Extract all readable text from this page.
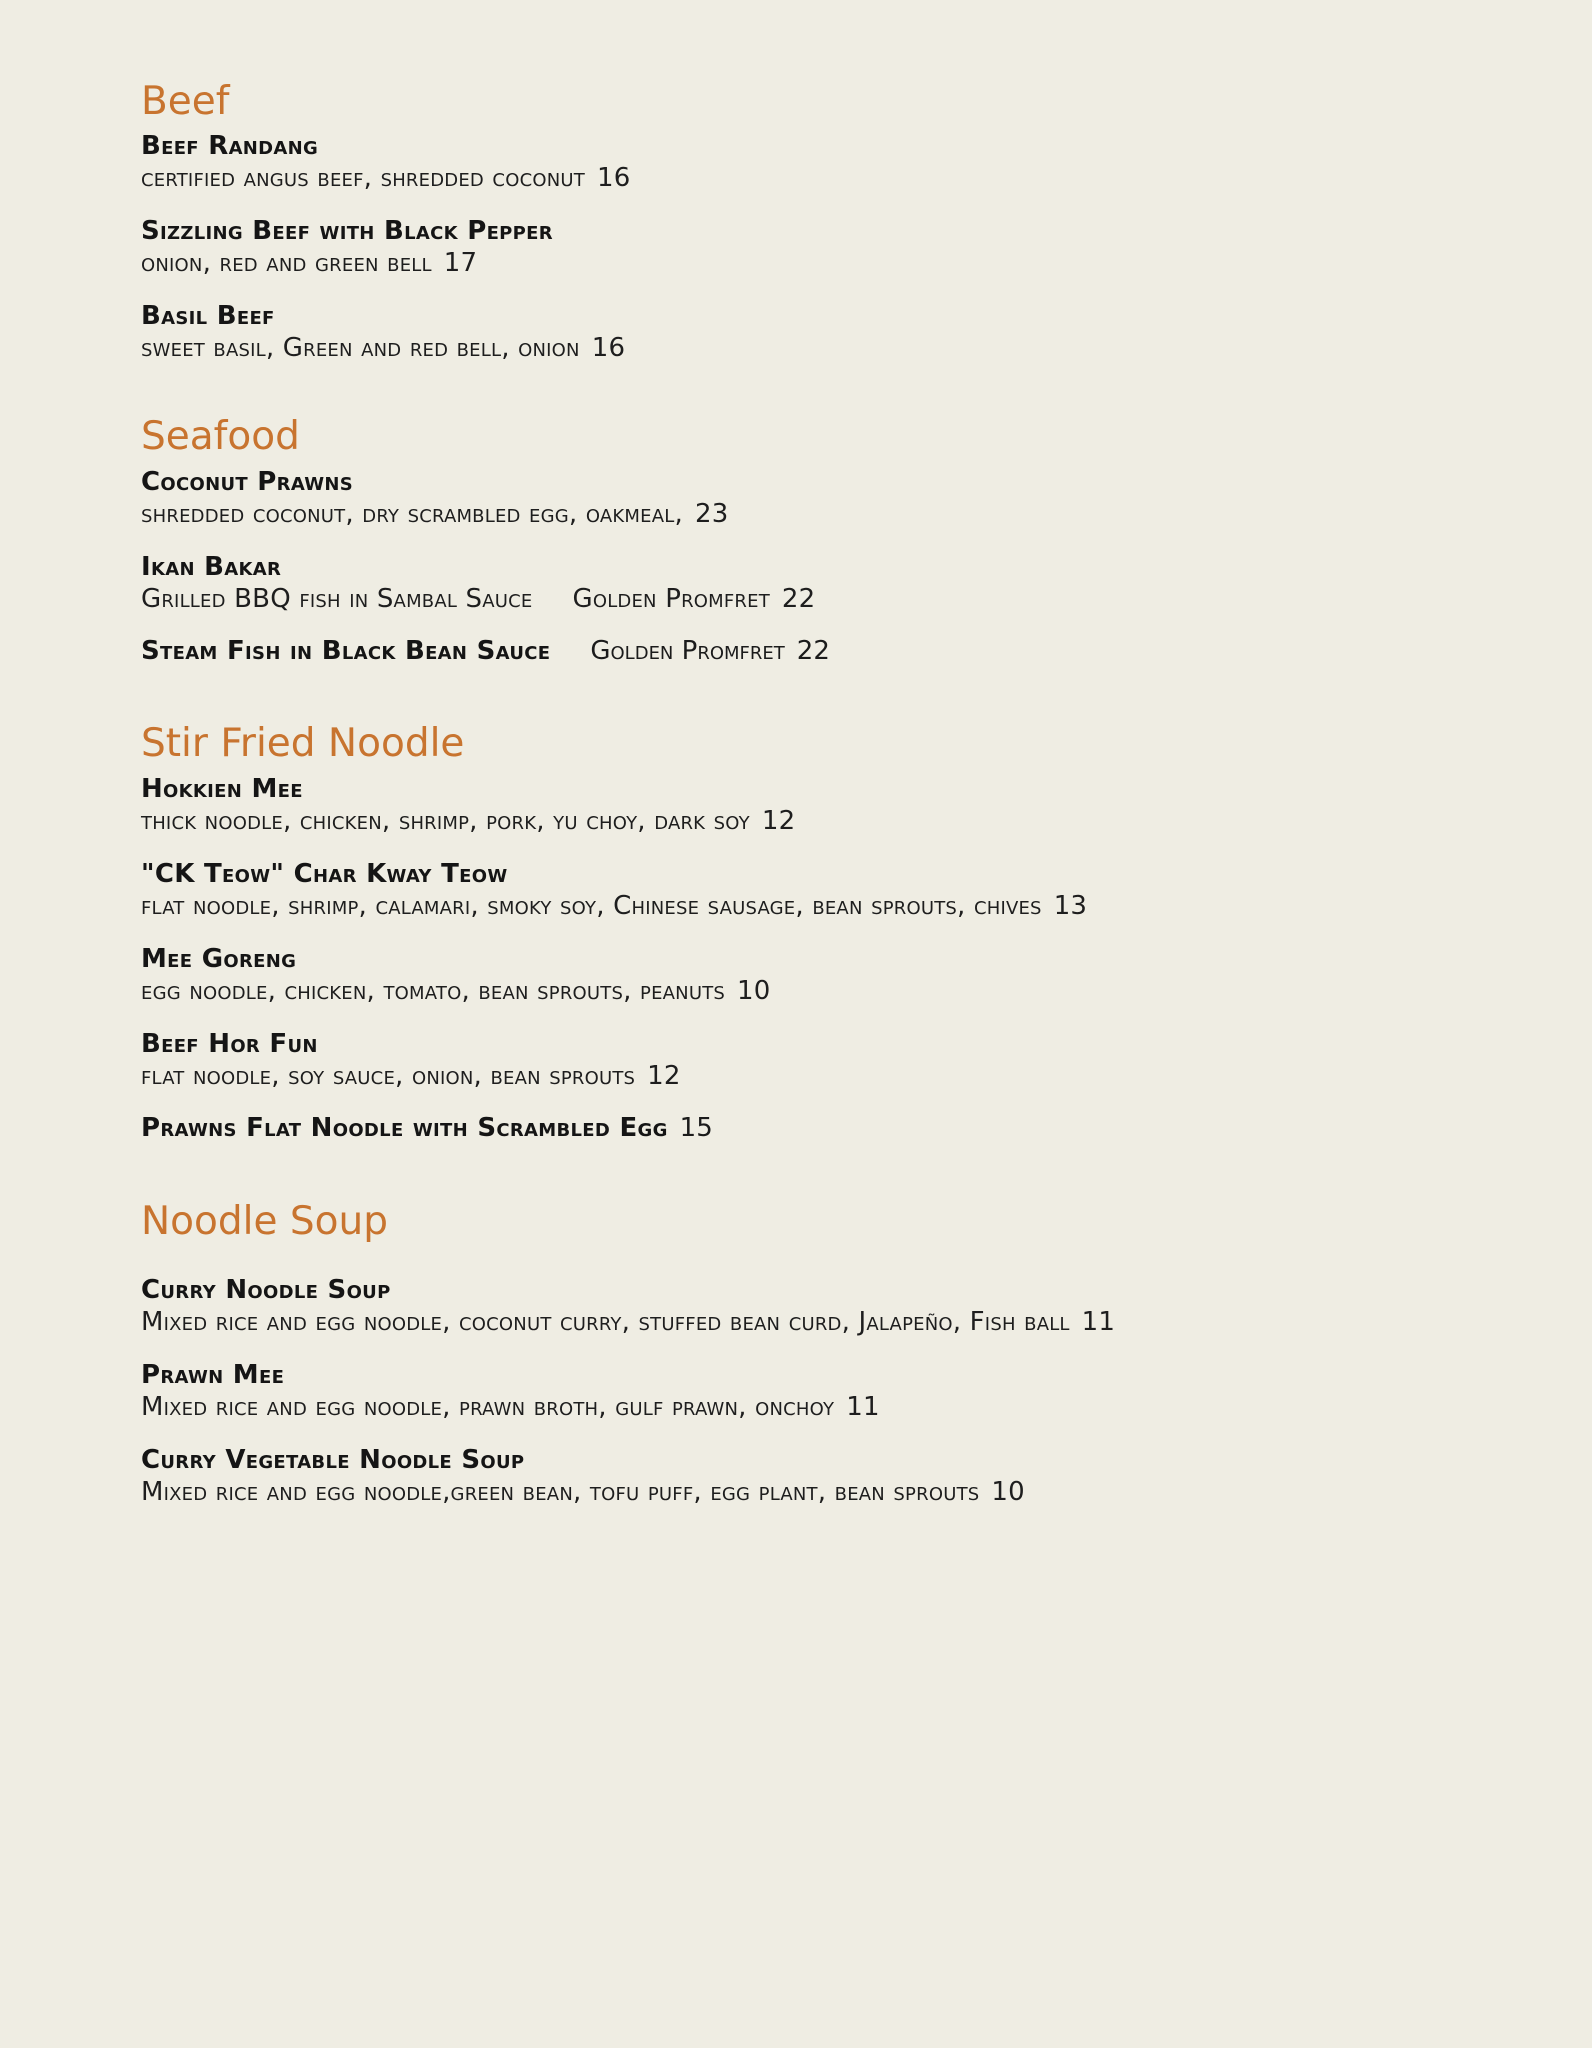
Beef
Beef Randang
certified angus beef, shredded coconut 16
Sizzling Beef with Black Pepper
onion, red and green bell 17
Basil Beef
sweet basil, Green and red bell, onion 16
Seafood
Coconut Prawns
shredded coconut, dry scrambled egg, oakmeal, 23
Ikan Bakar
Grilled BBQ fish in Sambal Sauce Golden Promfret 22
Steam Fish in Black Bean Sauce Golden Promfret 22
Stir Fried Noodle
Hokkien Mee
thick noodle, chicken, shrimp, pork, yu choy, dark soy 12
"CK Teow" Char Kway Teow
flat noodle, shrimp, calamari, smoky soy, Chinese sausage, bean sprouts, chives 13
Mee Goreng
egg noodle, chicken, tomato, bean sprouts, peanuts 10
Beef Hor Fun
flat noodle, soy sauce, onion, bean sprouts 12
Prawns Flat Noodle with Scrambled Egg 15
Noodle Soup
Curry Noodle Soup
Mixed rice and egg noodle, coconut curry, stuffed bean curd, Jalapeño, Fish ball 11
Prawn Mee
Mixed rice and egg noodle, prawn broth, gulf prawn, onchoy 11
Curry Vegetable Noodle Soup
Mixed rice and egg noodle,green bean, tofu puff, egg plant, bean sprouts 10
